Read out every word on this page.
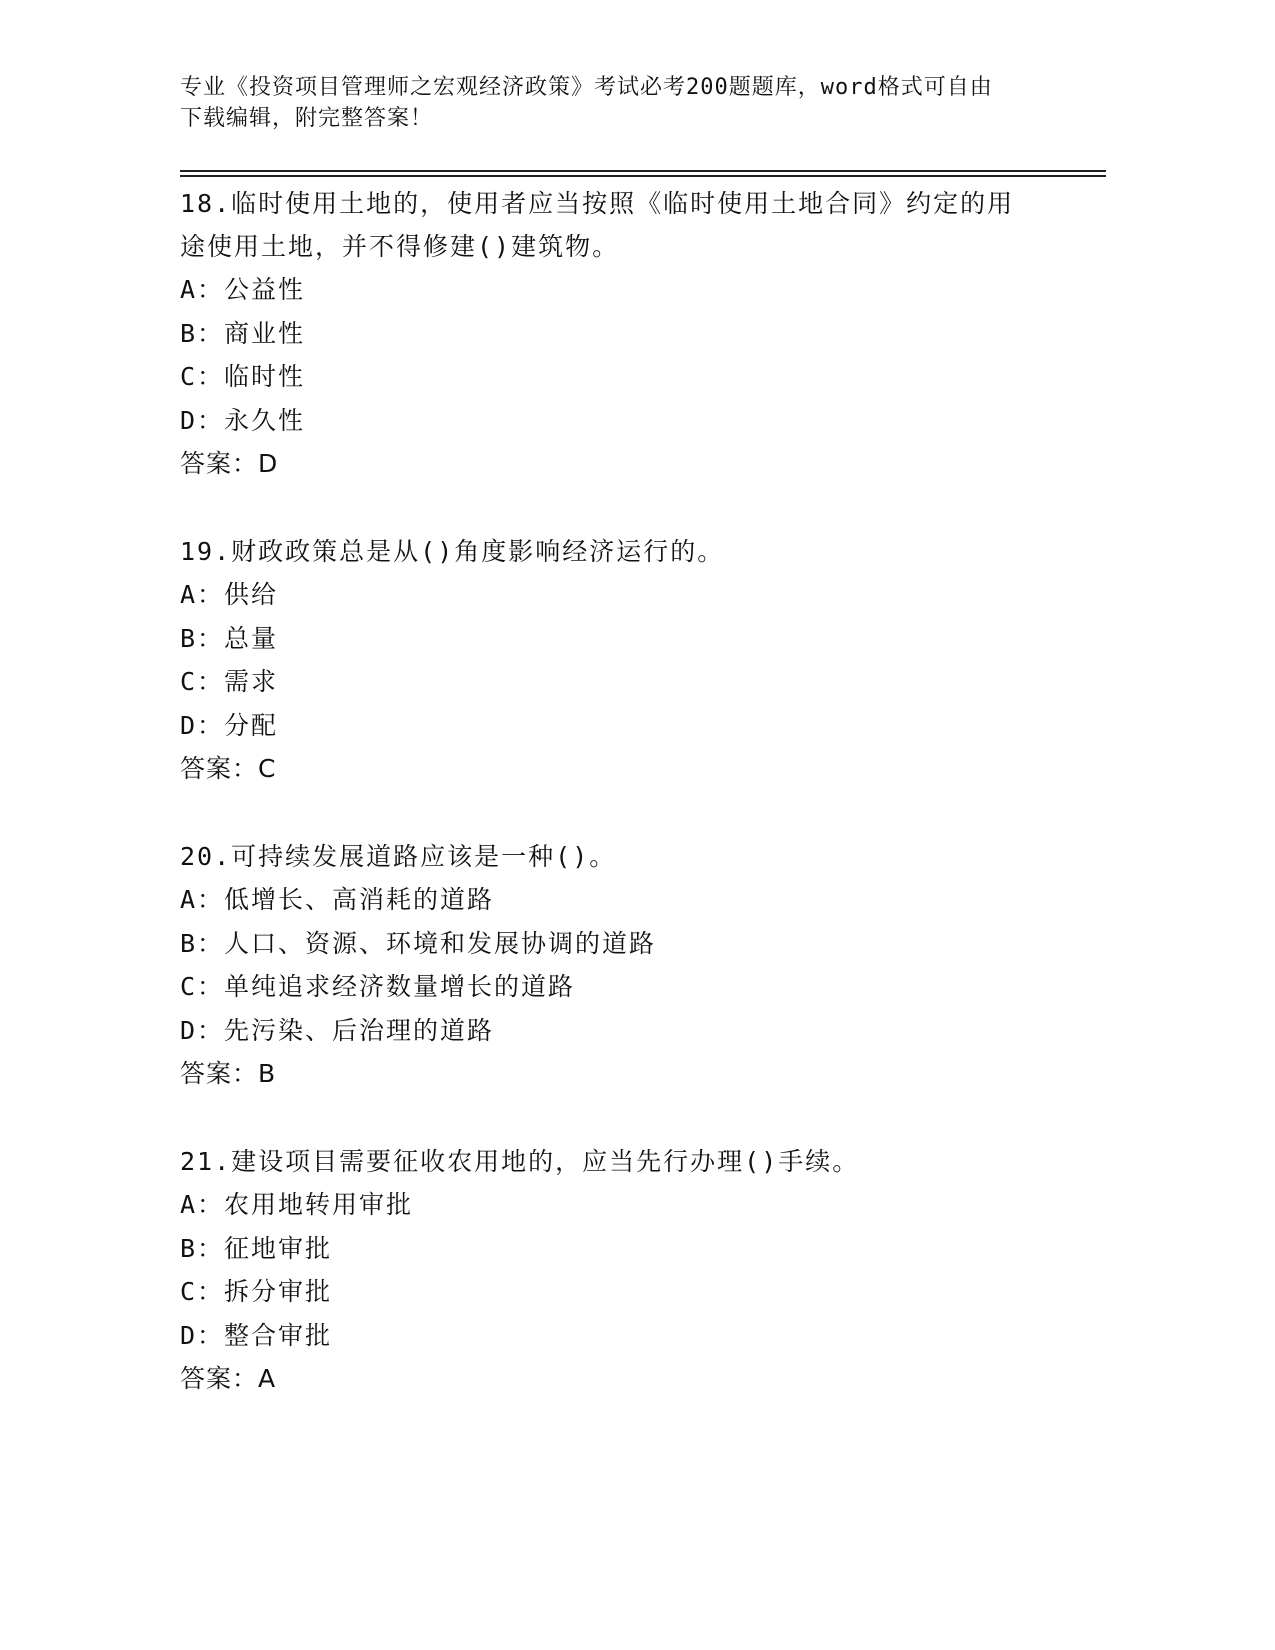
专业《投资项目管理师之宏观经济政策》考试必考200题题库，word格式可自由
下载编辑，附完整答案！

18.临时使用土地的，使用者应当按照《临时使用土地合同》约定的用

途使用土地，并不得修建()建筑物。

A：公益性

B：商业性

C：临时性

D：永久性

答案：D

19.财政政策总是从()角度影响经济运行的。

A：供给

B：总量

C：需求

D：分配

答案：C

20.可持续发展道路应该是一种()。

A：低增长、高消耗的道路

B：人口、资源、环境和发展协调的道路

C：单纯追求经济数量增长的道路

D：先污染、后治理的道路

答案：B

21.建设项目需要征收农用地的，应当先行办理()手续。

A：农用地转用审批

B：征地审批

C：拆分审批

D：整合审批

答案：A
